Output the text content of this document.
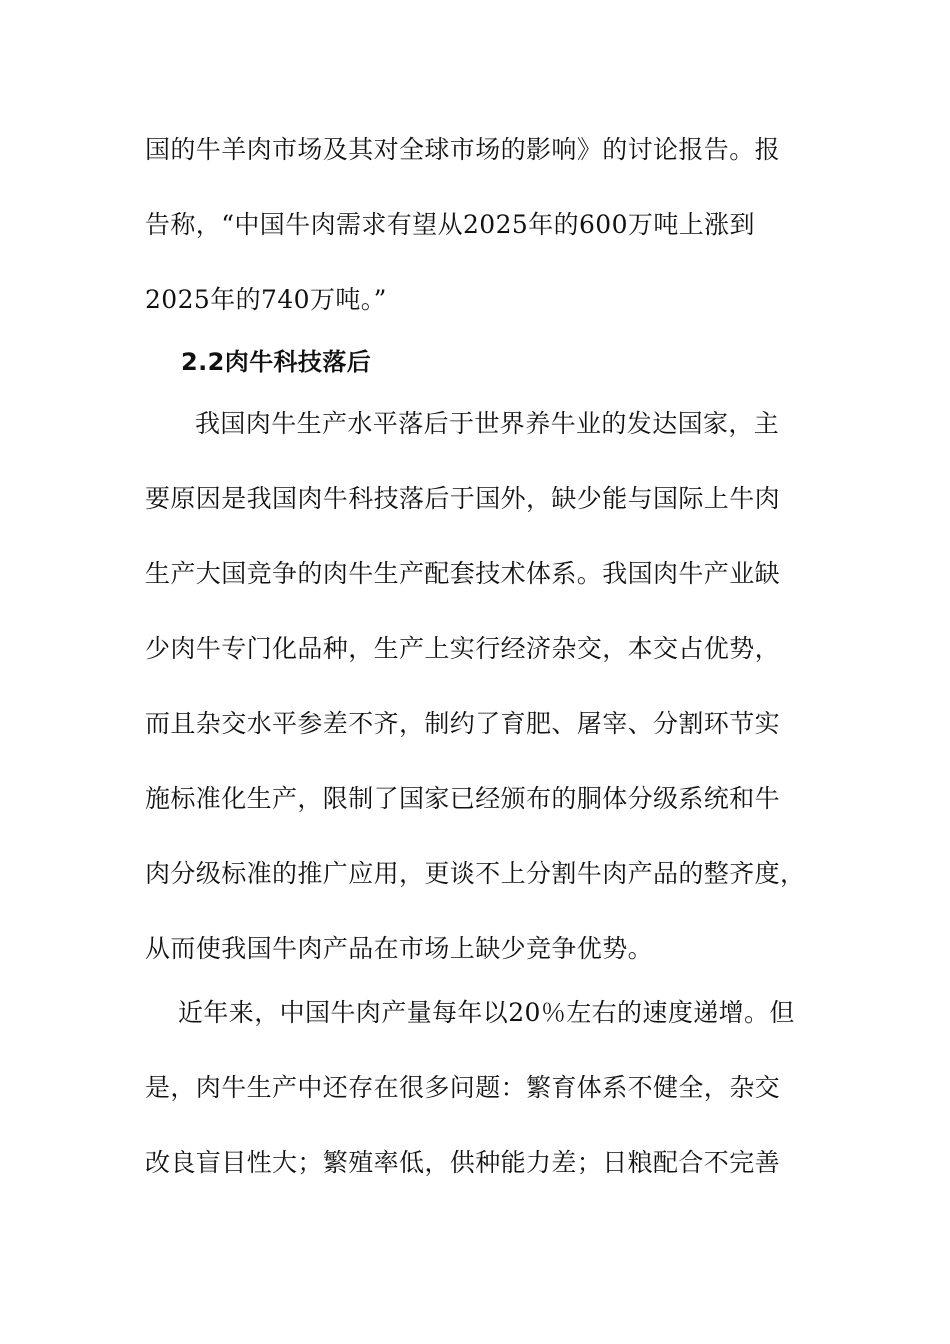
国的牛羊肉市场及其对全球市场的影响》的讨论报告。报
告称，“中国牛肉需求有望从2025年的600万吨上涨到
2025年的740万吨。”
2.2肉牛科技落后
我国肉牛生产水平落后于世界养牛业的发达国家，主
要原因是我国肉牛科技落后于国外，缺少能与国际上牛肉
生产大国竞争的肉牛生产配套技术体系。我国肉牛产业缺
少肉牛专门化品种，生产上实行经济杂交，本交占优势，
而且杂交水平参差不齐，制约了育肥、屠宰、分割环节实
施标准化生产，限制了国家已经颁布的胴体分级系统和牛
肉分级标准的推广应用，更谈不上分割牛肉产品的整齐度，
从而使我国牛肉产品在市场上缺少竞争优势。
近年来，中国牛肉产量每年以20％左右的速度递增。但
是，肉牛生产中还存在很多问题：繁育体系不健全，杂交
改良盲目性大；繁殖率低，供种能力差；日粮配合不完善
